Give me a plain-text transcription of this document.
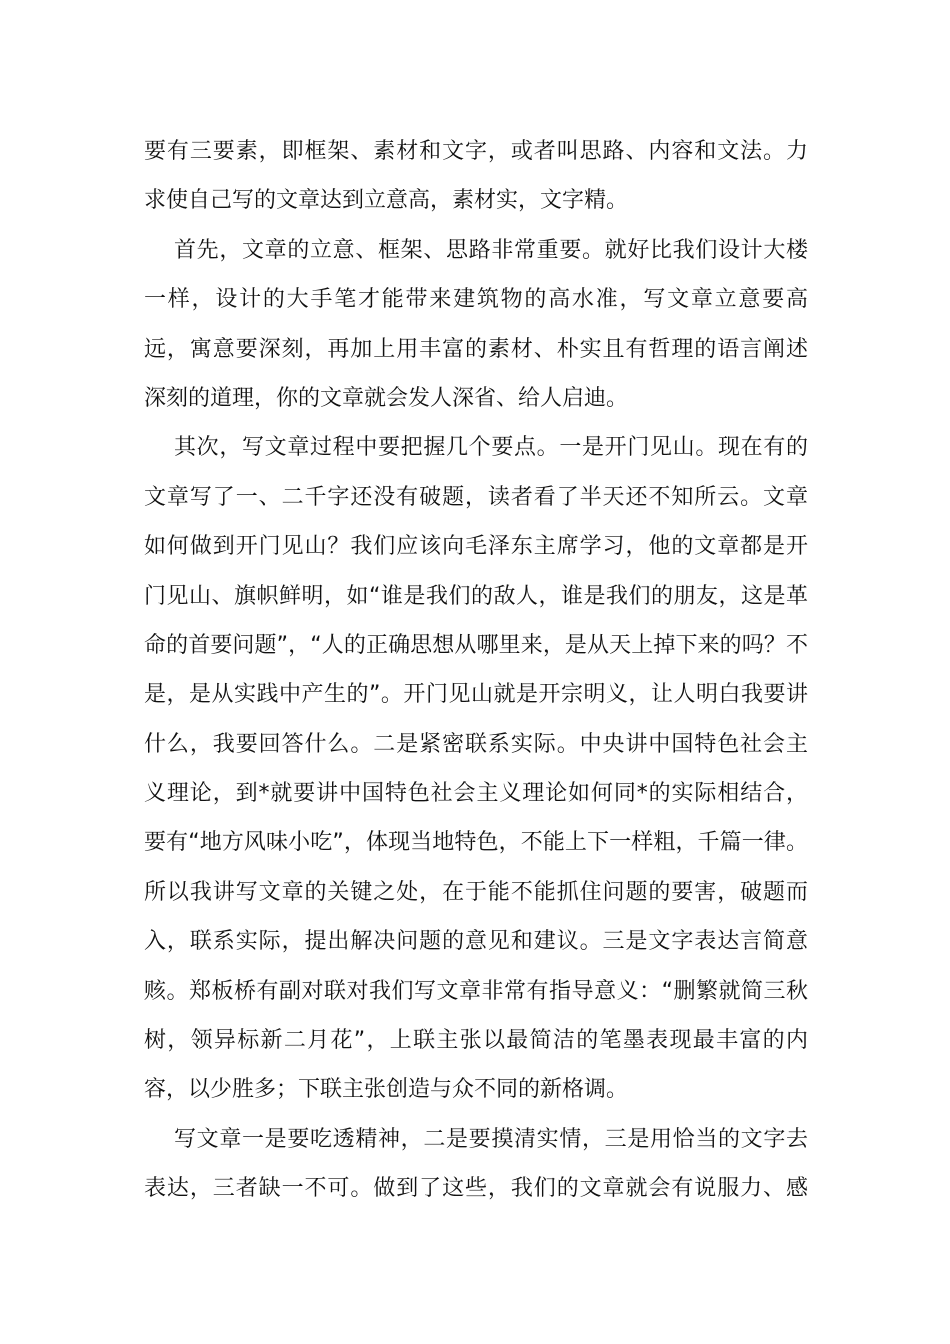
要有三要素，即框架、素材和文字，或者叫思路、内容和文法。力
求使自己写的文章达到立意高，素材实，文字精。
首先，文章的立意、框架、思路非常重要。就好比我们设计大楼
一样，设计的大手笔才能带来建筑物的高水准，写文章立意要高
远，寓意要深刻，再加上用丰富的素材、朴实且有哲理的语言阐述
深刻的道理，你的文章就会发人深省、给人启迪。
其次，写文章过程中要把握几个要点。一是开门见山。现在有的
文章写了一、二千字还没有破题，读者看了半天还不知所云。文章
如何做到开门见山？我们应该向毛泽东主席学习，他的文章都是开
门见山、旗帜鲜明，如“谁是我们的敌人，谁是我们的朋友，这是革
命的首要问题”，“人的正确思想从哪里来，是从天上掉下来的吗？不
是，是从实践中产生的”。开门见山就是开宗明义，让人明白我要讲
什么，我要回答什么。二是紧密联系实际。中央讲中国特色社会主
义理论，到*就要讲中国特色社会主义理论如何同*的实际相结合，
要有“地方风味小吃”，体现当地特色，不能上下一样粗，千篇一律。
所以我讲写文章的关键之处，在于能不能抓住问题的要害，破题而
入，联系实际，提出解决问题的意见和建议。三是文字表达言简意
赅。郑板桥有副对联对我们写文章非常有指导意义：“删繁就简三秋
树，领异标新二月花”，上联主张以最简洁的笔墨表现最丰富的内
容，以少胜多；下联主张创造与众不同的新格调。
写文章一是要吃透精神，二是要摸清实情，三是用恰当的文字去
表达，三者缺一不可。做到了这些，我们的文章就会有说服力、感
